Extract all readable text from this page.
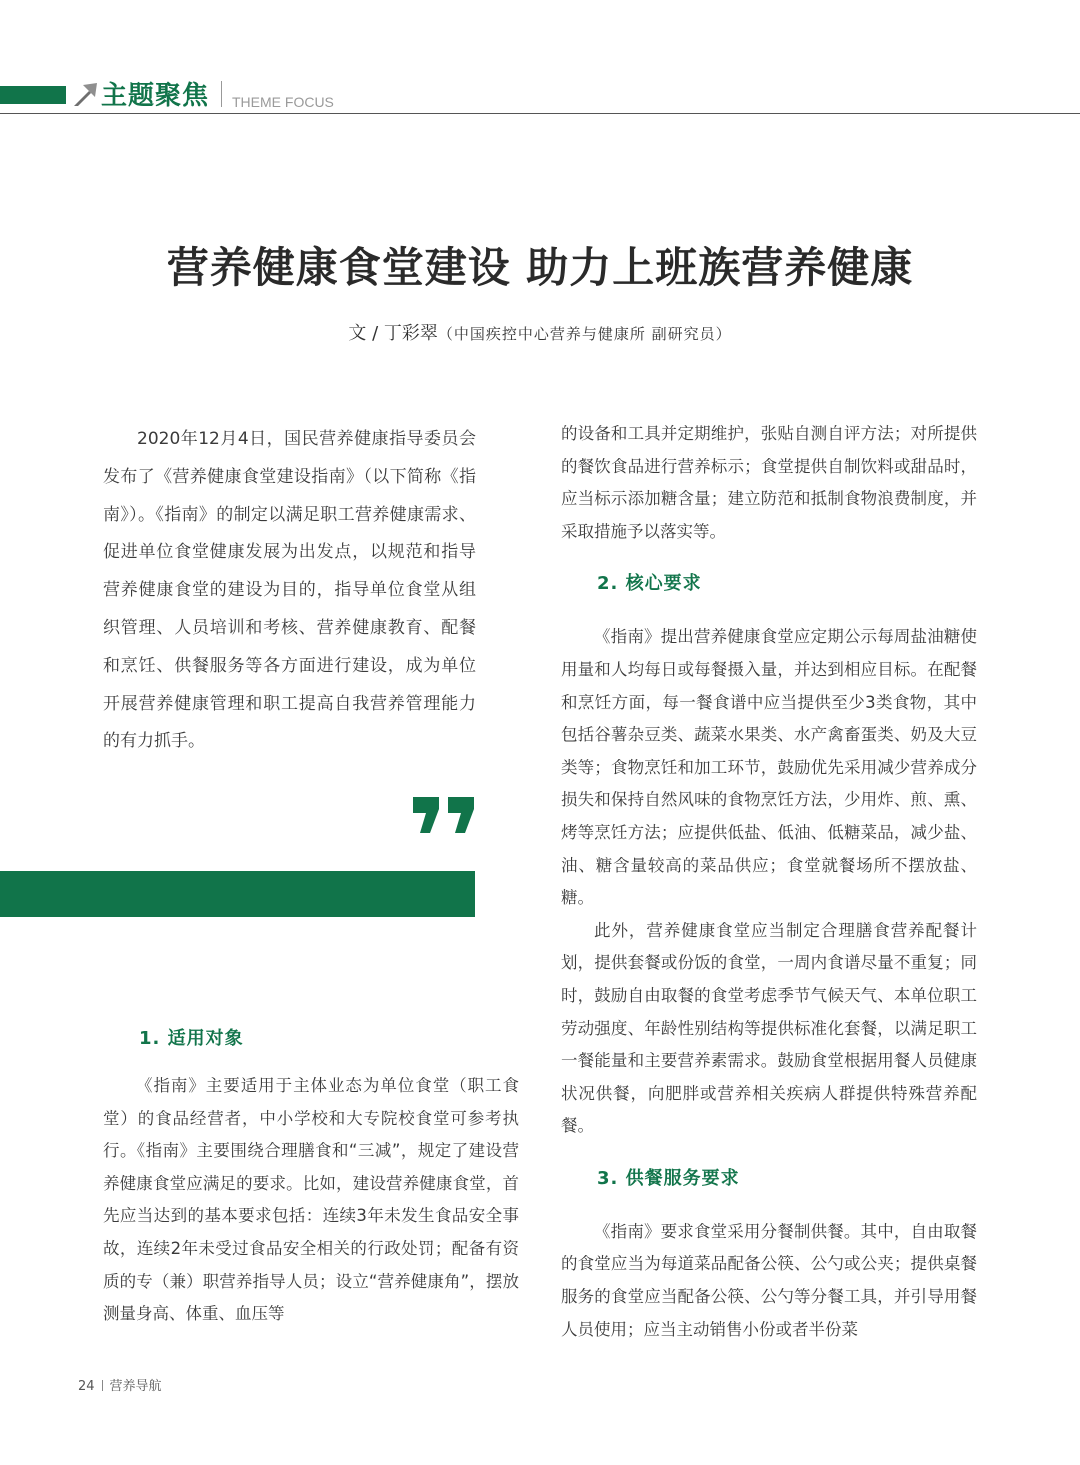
主题聚焦 THEME FOCUS
营养健康食堂建设 助力上班族营养健康
文 / 丁彩翠（中国疾控中心营养与健康所 副研究员）

2020年12月4日，国民营养健康指导委员会发布了《营养健康食堂建设指南》（以下简称《指南》）。《指南》的制定以满足职工营养健康需求、促进单位食堂健康发展为出发点，以规范和指导营养健康食堂的建设为目的，指导单位食堂从组织管理、人员培训和考核、营养健康教育、配餐和烹饪、供餐服务等各方面进行建设，成为单位开展营养健康管理和职工提高自我营养管理能力的有力抓手。

1. 适用对象

《指南》主要适用于主体业态为单位食堂（职工食堂）的食品经营者，中小学校和大专院校食堂可参考执行。《指南》主要围绕合理膳食和“三减”，规定了建设营养健康食堂应满足的要求。比如，建设营养健康食堂，首先应当达到的基本要求包括：连续3年未发生食品安全事故，连续2年未受过食品安全相关的行政处罚；配备有资质的专（兼）职营养指导人员；设立“营养健康角”，摆放测量身高、体重、血压等

的设备和工具并定期维护，张贴自测自评方法；对所提供的餐饮食品进行营养标示；食堂提供自制饮料或甜品时，应当标示添加糖含量；建立防范和抵制食物浪费制度，并采取措施予以落实等。

2. 核心要求

《指南》提出营养健康食堂应定期公示每周盐油糖使用量和人均每日或每餐摄入量，并达到相应目标。在配餐和烹饪方面，每一餐食谱中应当提供至少3类食物，其中包括谷薯杂豆类、蔬菜水果类、水产禽畜蛋类、奶及大豆类等；食物烹饪和加工环节，鼓励优先采用减少营养成分损失和保持自然风味的食物烹饪方法，少用炸、煎、熏、烤等烹饪方法；应提供低盐、低油、低糖菜品，减少盐、油、糖含量较高的菜品供应；食堂就餐场所不摆放盐、糖。

此外，营养健康食堂应当制定合理膳食营养配餐计划，提供套餐或份饭的食堂，一周内食谱尽量不重复；同时，鼓励自由取餐的食堂考虑季节气候天气、本单位职工劳动强度、年龄性别结构等提供标准化套餐，以满足职工一餐能量和主要营养素需求。鼓励食堂根据用餐人员健康状况供餐，向肥胖或营养相关疾病人群提供特殊营养配餐。

3. 供餐服务要求

《指南》要求食堂采用分餐制供餐。其中，自由取餐的食堂应当为每道菜品配备公筷、公勺或公夹；提供桌餐服务的食堂应当配备公筷、公勺等分餐工具，并引导用餐人员使用；应当主动销售小份或者半份菜

24 营养导航
